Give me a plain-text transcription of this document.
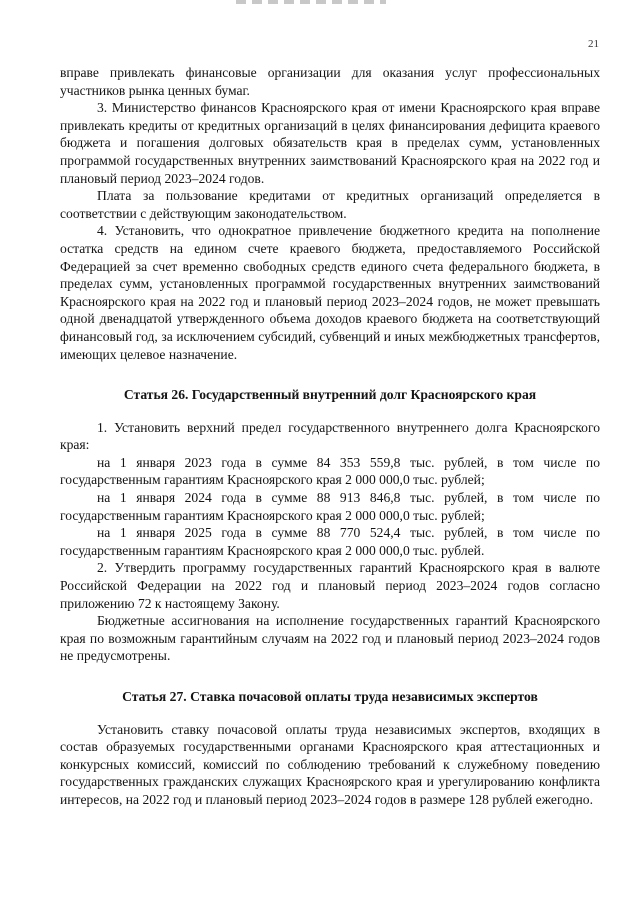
21

вправе привлекать финансовые организации для оказания услуг профессиональных участников рынка ценных бумаг.

3. Министерство финансов Красноярского края от имени Красноярского края вправе привлекать кредиты от кредитных организаций в целях финансирования дефицита краевого бюджета и погашения долговых обязательств края в пределах сумм, установленных программой государственных внутренних заимствований Красноярского края на 2022 год и плановый период 2023–2024 годов.

Плата за пользование кредитами от кредитных организаций определяется в соответствии с действующим законодательством.

4. Установить, что однократное привлечение бюджетного кредита на пополнение остатка средств на едином счете краевого бюджета, предоставляемого Российской Федерацией за счет временно свободных средств единого счета федерального бюджета, в пределах сумм, установленных программой государственных внутренних заимствований Красноярского края на 2022 год и плановый период 2023–2024 годов, не может превышать одной двенадцатой утвержденного объема доходов краевого бюджета на соответствующий финансовый год, за исключением субсидий, субвенций и иных межбюджетных трансфертов, имеющих целевое назначение.

Статья 26. Государственный внутренний долг Красноярского края

1. Установить верхний предел государственного внутреннего долга Красноярского края:

на 1 января 2023 года в сумме 84 353 559,8 тыс. рублей, в том числе по государственным гарантиям Красноярского края 2 000 000,0 тыс. рублей;

на 1 января 2024 года в сумме 88 913 846,8 тыс. рублей, в том числе по государственным гарантиям Красноярского края 2 000 000,0 тыс. рублей;

на 1 января 2025 года в сумме 88 770 524,4 тыс. рублей, в том числе по государственным гарантиям Красноярского края 2 000 000,0 тыс. рублей.

2. Утвердить программу государственных гарантий Красноярского края в валюте Российской Федерации на 2022 год и плановый период 2023–2024 годов согласно приложению 72 к настоящему Закону.

Бюджетные ассигнования на исполнение государственных гарантий Красноярского края по возможным гарантийным случаям на 2022 год и плановый период 2023–2024 годов не предусмотрены.

Статья 27. Ставка почасовой оплаты труда независимых экспертов

Установить ставку почасовой оплаты труда независимых экспертов, входящих в состав образуемых государственными органами Красноярского края аттестационных и конкурсных комиссий, комиссий по соблюдению требований к служебному поведению государственных гражданских служащих Красноярского края и урегулированию конфликта интересов, на 2022 год и плановый период 2023–2024 годов в размере 128 рублей ежегодно.
